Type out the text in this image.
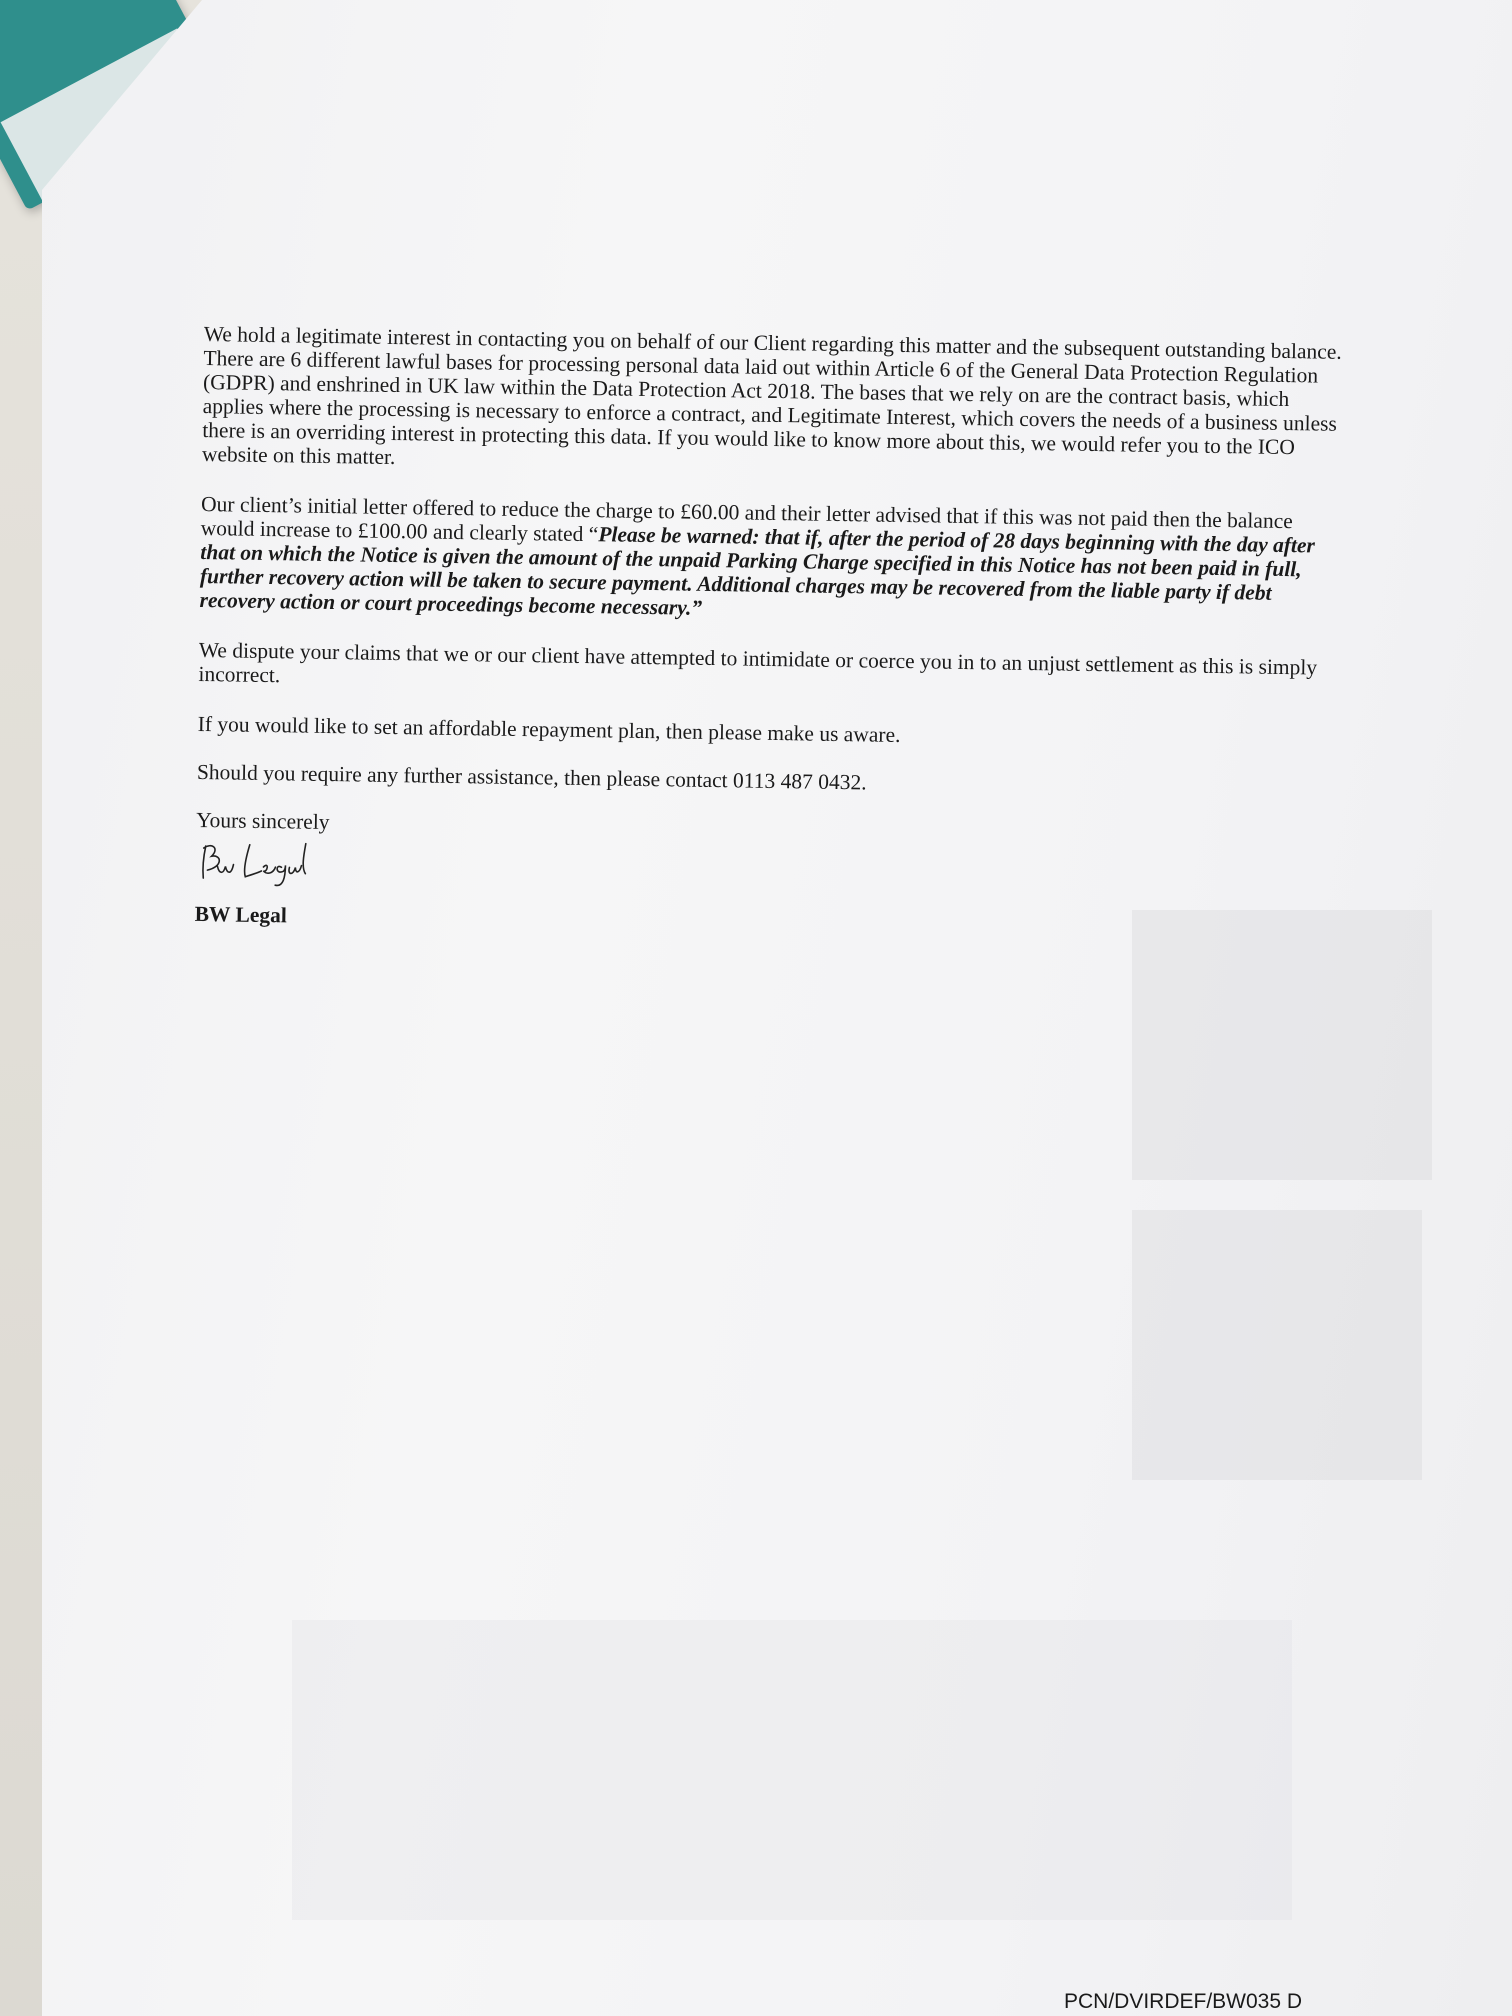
We hold a legitimate interest in contacting you on behalf of our Client regarding this matter and the subsequent outstanding balance. There are 6 different lawful bases for processing personal data laid out within Article 6 of the General Data Protection Regulation (GDPR) and enshrined in UK law within the Data Protection Act 2018. The bases that we rely on are the contract basis, which applies where the processing is necessary to enforce a contract, and Legitimate Interest, which covers the needs of a business unless there is an overriding interest in protecting this data. If you would like to know more about this, we would refer you to the ICO website on this matter.

Our client’s initial letter offered to reduce the charge to £60.00 and their letter advised that if this was not paid then the balance would increase to £100.00 and clearly stated “Please be warned: that if, after the period of 28 days beginning with the day after that on which the Notice is given the amount of the unpaid Parking Charge specified in this Notice has not been paid in full, further recovery action will be taken to secure payment. Additional charges may be recovered from the liable party if debt recovery action or court proceedings become necessary.”

We dispute your claims that we or our client have attempted to intimidate or coerce you in to an unjust settlement as this is simply incorrect.

If you would like to set an affordable repayment plan, then please make us aware.

Should you require any further assistance, then please contact 0113 487 0432.

Yours sincerely

BW Legal

PCN/DVIRDEF/BW035 D
